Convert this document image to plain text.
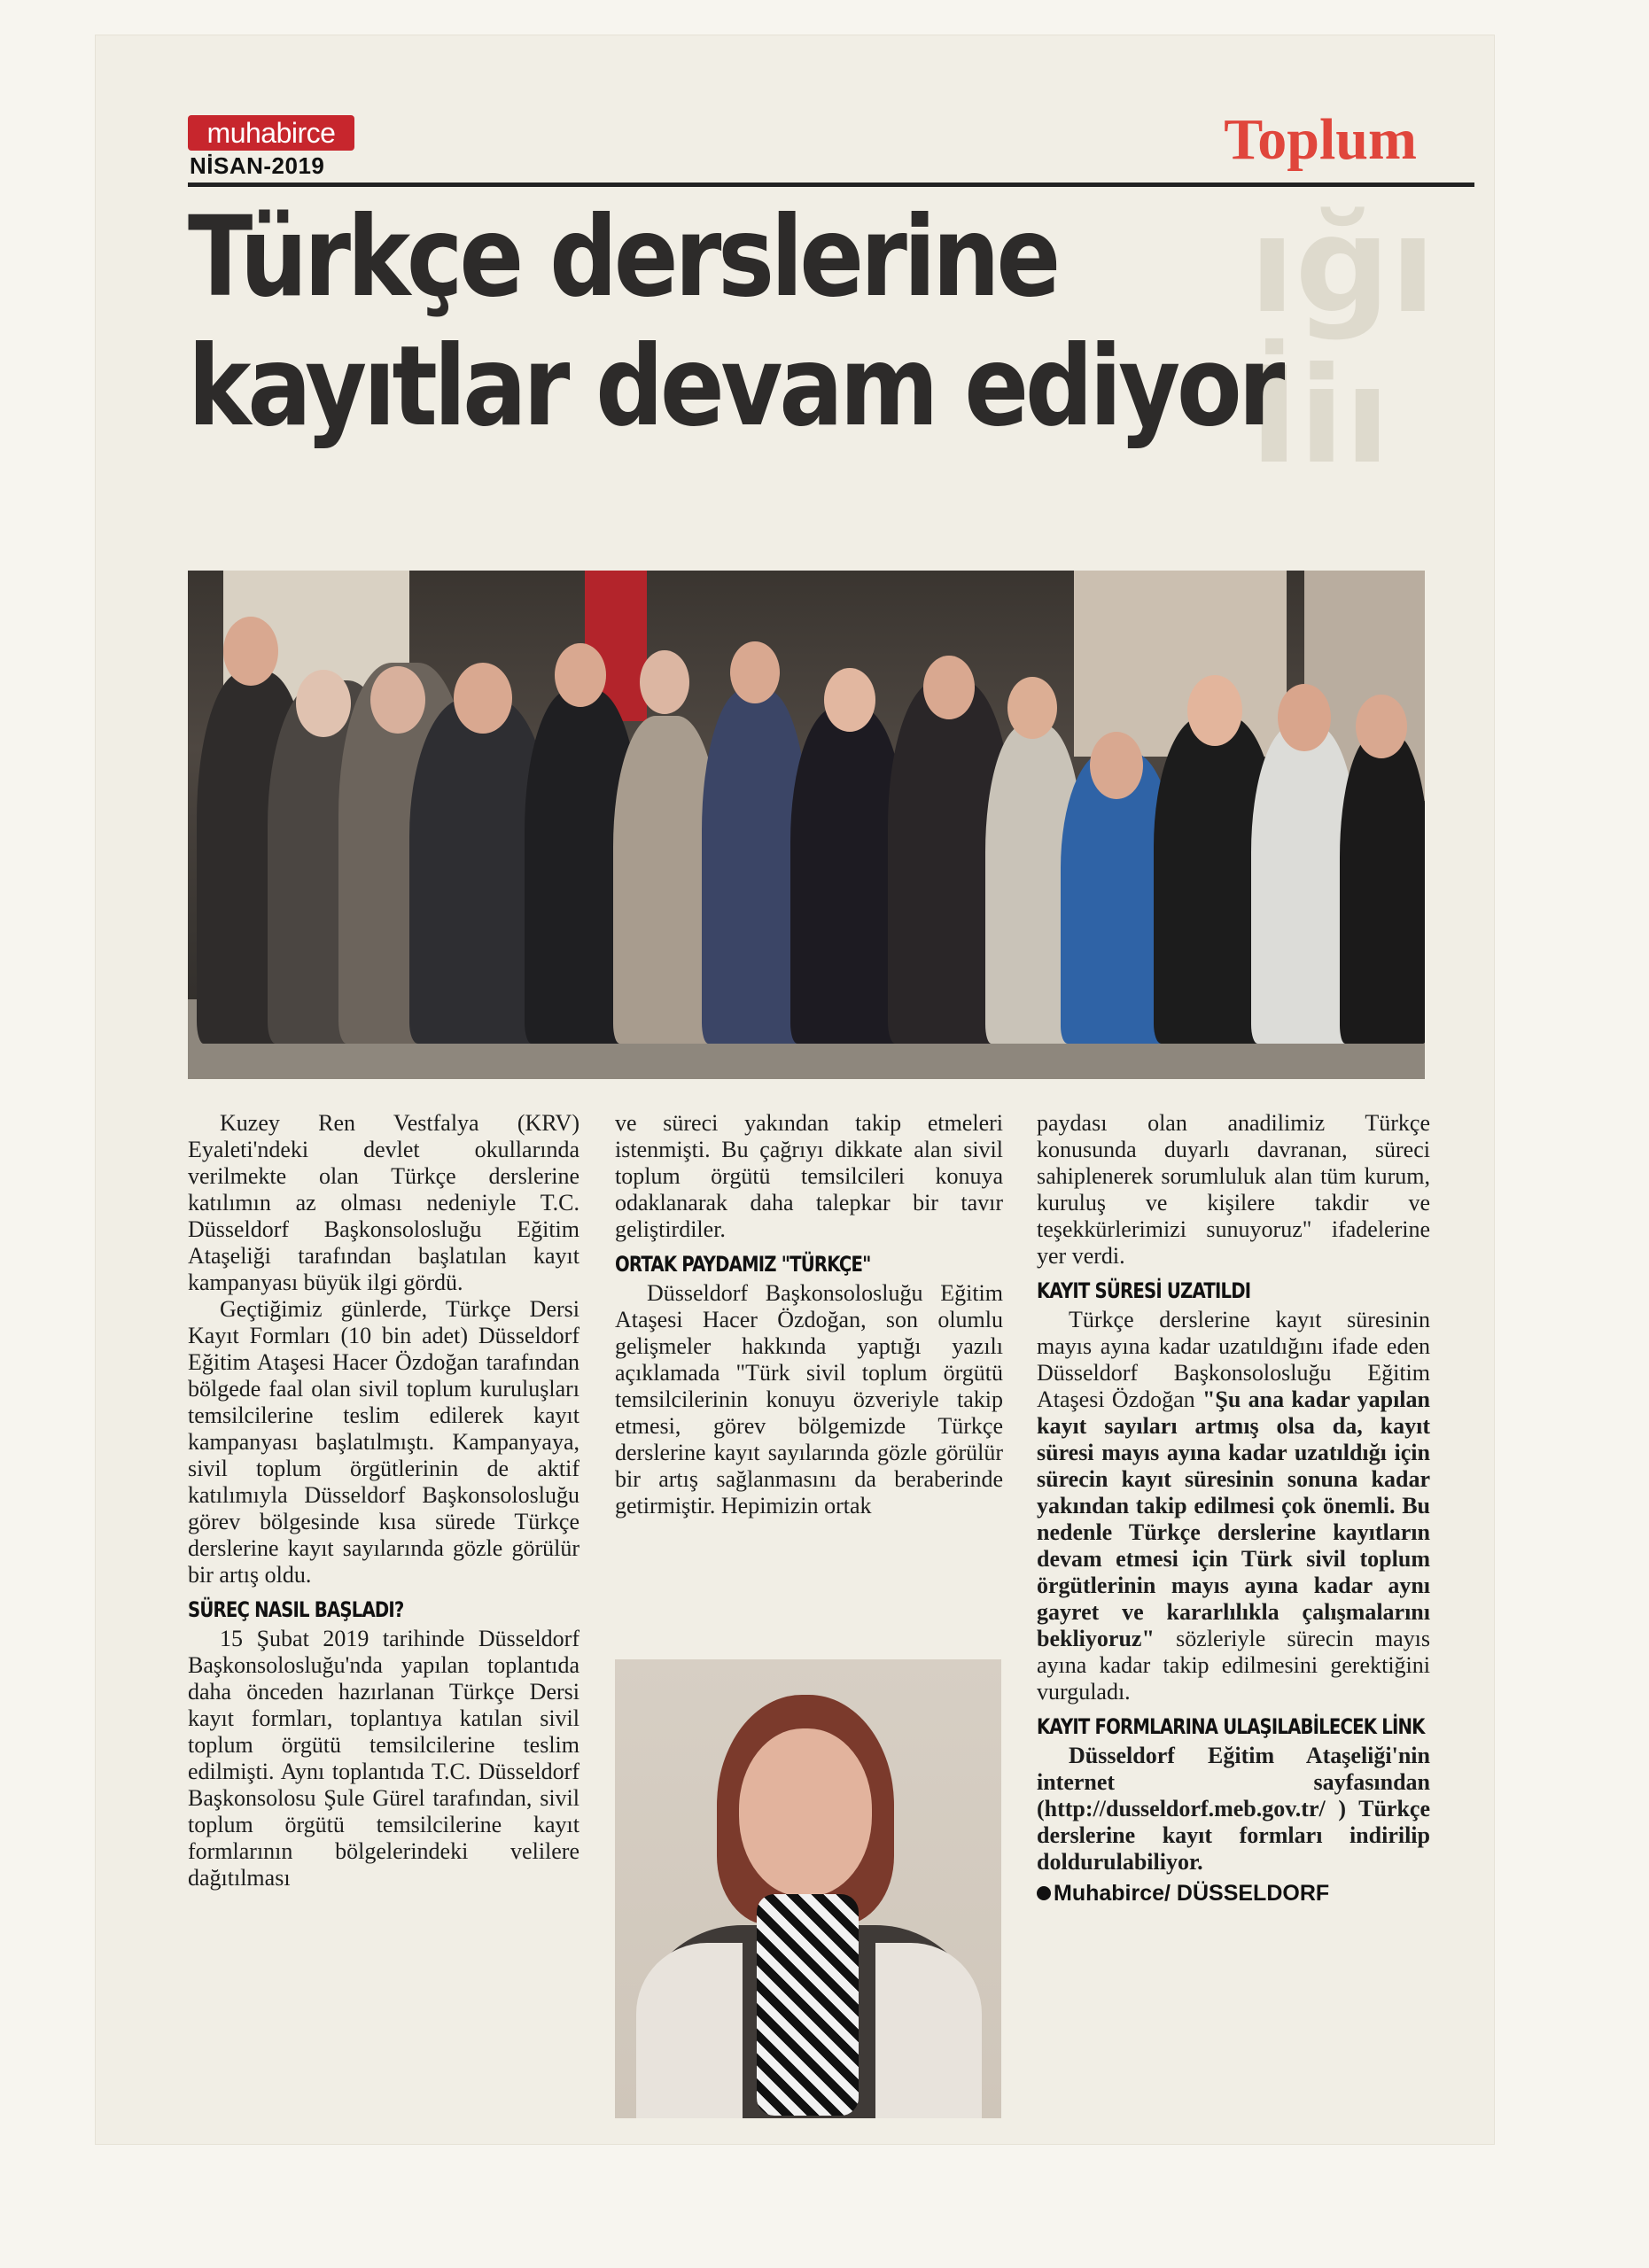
muhabirce
NİSAN-2019	Toplum
ığı
İiı
Türkçe derslerine
kayıtlar devam ediyor

Kuzey Ren Vestfalya (KRV) Eyaleti'ndeki devlet okullarında verilmekte olan Türkçe derslerine katılımın az olması nedeniyle T.C. Düsseldorf Başkonsolosluğu Eğitim Ataşeliği tarafından başlatılan kayıt kampanyası büyük ilgi gördü.

Geçtiğimiz günlerde, Türkçe Dersi Kayıt Formları (10 bin adet) Düsseldorf Eğitim Ataşesi Hacer Özdoğan tarafından bölgede faal olan sivil toplum kuruluşları temsilcilerine teslim edilerek kayıt kampanyası başlatılmıştı. Kampanyaya, sivil toplum örgütlerinin de aktif katılımıyla Düsseldorf Başkonsolosluğu görev bölgesinde kısa sürede Türkçe derslerine kayıt sayılarında gözle görülür bir artış oldu.

SÜREÇ NASIL BAŞLADI?

15 Şubat 2019 tarihinde Düsseldorf Başkonsolosluğu'nda yapılan toplantıda daha önceden hazırlanan Türkçe Dersi kayıt formları, toplantıya katılan sivil toplum örgütü temsilcilerine teslim edilmişti. Aynı toplantıda T.C. Düsseldorf Başkonsolosu Şule Gürel tarafından, sivil toplum örgütü temsilcilerine kayıt formlarının bölgelerindeki velilere dağıtılması

ve süreci yakından takip etmeleri istenmişti. Bu çağrıyı dikkate alan sivil toplum örgütü temsilcileri konuya odaklanarak daha talepkar bir tavır geliştirdiler.

ORTAK PAYDAMIZ "TÜRKÇE"

Düsseldorf Başkonsolosluğu Eğitim Ataşesi Hacer Özdoğan, son olumlu gelişmeler hakkında yaptığı yazılı açıklamada "Türk sivil toplum örgütü temsilcilerinin konuyu özveriyle takip etmesi, görev bölgemizde Türkçe derslerine kayıt sayılarında gözle görülür bir artış sağlanmasını da beraberinde getirmiştir. Hepimizin ortak

paydası olan anadilimiz Türkçe konusunda duyarlı davranan, süreci sahiplenerek sorumluluk alan tüm kurum, kuruluş ve kişilere takdir ve teşekkürlerimizi sunuyoruz" ifadelerine yer verdi.

KAYIT SÜRESİ UZATILDI

Türkçe derslerine kayıt süresinin mayıs ayına kadar uzatıldığını ifade eden Düsseldorf Başkonsolosluğu Eğitim Ataşesi Özdoğan "Şu ana kadar yapılan kayıt sayıları artmış olsa da, kayıt süresi mayıs ayına kadar uzatıldığı için sürecin kayıt süresinin sonuna kadar yakından takip edilmesi çok önemli. Bu nedenle Türkçe derslerine kayıtların devam etmesi için Türk sivil toplum örgütlerinin mayıs ayına kadar aynı gayret ve kararlılıkla çalışmalarını bekliyoruz" sözleriyle sürecin mayıs ayına kadar takip edilmesini gerektiğini vurguladı.

KAYIT FORMLARINA ULAŞILABİLECEK LİNK

Düsseldorf Eğitim Ataşeliği'nin internet sayfasından (http://dusseldorf.meb.gov.tr/ ) Türkçe derslerine kayıt formları indirilip doldurulabiliyor.

Muhabirce/ DÜSSELDORF
